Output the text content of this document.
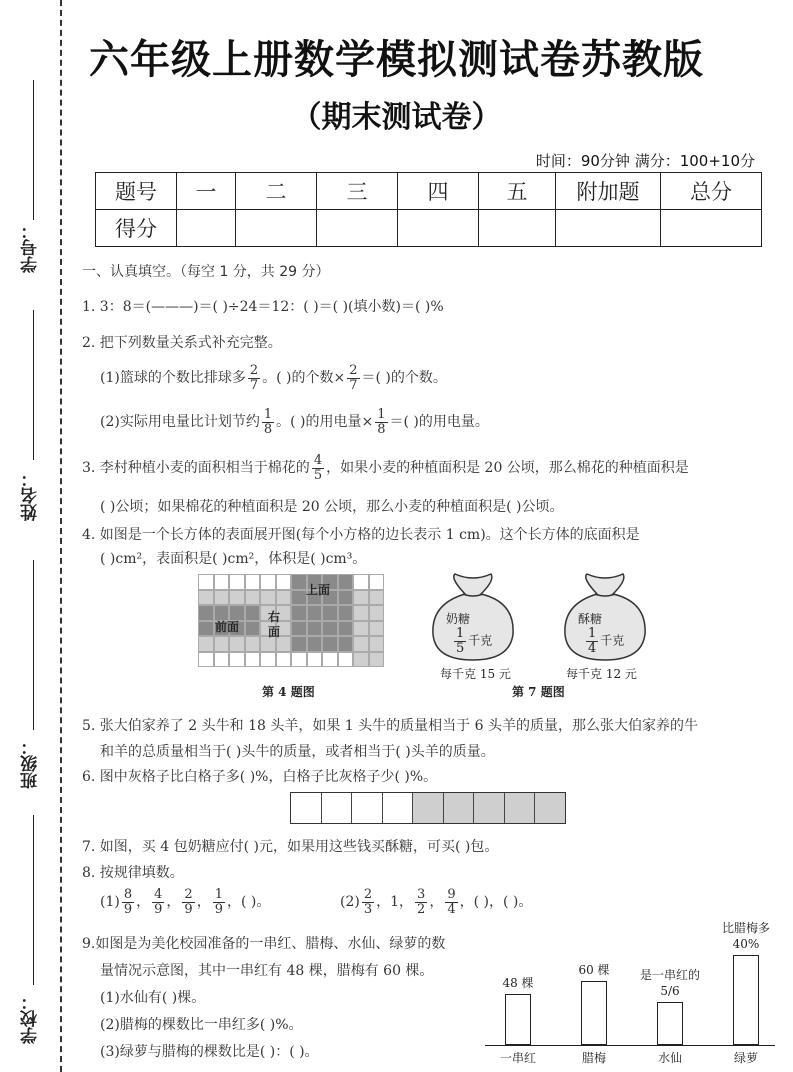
学号：
姓名：
班级：
学校：
六年级上册数学模拟测试卷苏教版
（期末测试卷）
时间：90分钟 满分：100+10分
题号	一	二	三	四	五	附加题	总分
得分							
一、认真填空。（每空 1 分，共 29 分）
1. 3：8＝(———)＝( )÷24＝12：( )＝( )(填小数)＝( )%
2. 把下列数量关系式补充完整。
(1)篮球的个数比排球多 $\frac{2}{7}$ 。( )的个数× $\frac{2}{7}$ ＝( )的个数。
(2)实际用电量比计划节约 $\frac{1}{8}$ 。( )的用电量× $\frac{1}{8}$ ＝( )的用电量。
3. 李村种植小麦的面积相当于棉花的 $\frac{4}{5}$ ，如果小麦的种植面积是 20 公顷，那么棉花的种植面积是
( )公顷；如果棉花的种植面积是 20 公顷，那么小麦的种植面积是( )公顷。
4. 如图是一个长方体的表面展开图(每个小方格的边长表示 1 cm)。这个长方体的底面积是
( )cm²，表面积是( )cm²，体积是( )cm³。
上面
前面
右
面
第 4 题图
奶糖
$\frac{1}{5}$ 千克
每千克 15 元
酥糖
$\frac{1}{4}$ 千克
每千克 12 元
第 7 题图
5. 张大伯家养了 2 头牛和 18 头羊，如果 1 头牛的质量相当于 6 头羊的质量，那么张大伯家养的牛
和羊的总质量相当于( )头牛的质量，或者相当于( )头羊的质量。
6. 图中灰格子比白格子多( )%，白格子比灰格子少( )%。
7. 如图，买 4 包奶糖应付( )元，如果用这些钱买酥糖，可买( )包。
8. 按规律填数。
$(1) \frac{8}{9}$ ， $\frac{4}{9}$ ， $\frac{2}{9}$ ， $\frac{1}{9}$ ，( )。	$(2) \frac{2}{3}$ ，1， $\frac{3}{2}$ ， $\frac{9}{4}$ ，( )，( )。
9.如图是为美化校园准备的一串红、腊梅、水仙、绿萝的数
量情况示意图，其中一串红有 48 棵，腊梅有 60 棵。
(1)水仙有( )棵。
(2)腊梅的棵数比一串红多( )%。
(3)绿萝与腊梅的棵数比是( )：( )。	一串红
48 棵
腊梅
60 棵
水仙
是一串红的5/6
绿萝
比腊梅多40%
